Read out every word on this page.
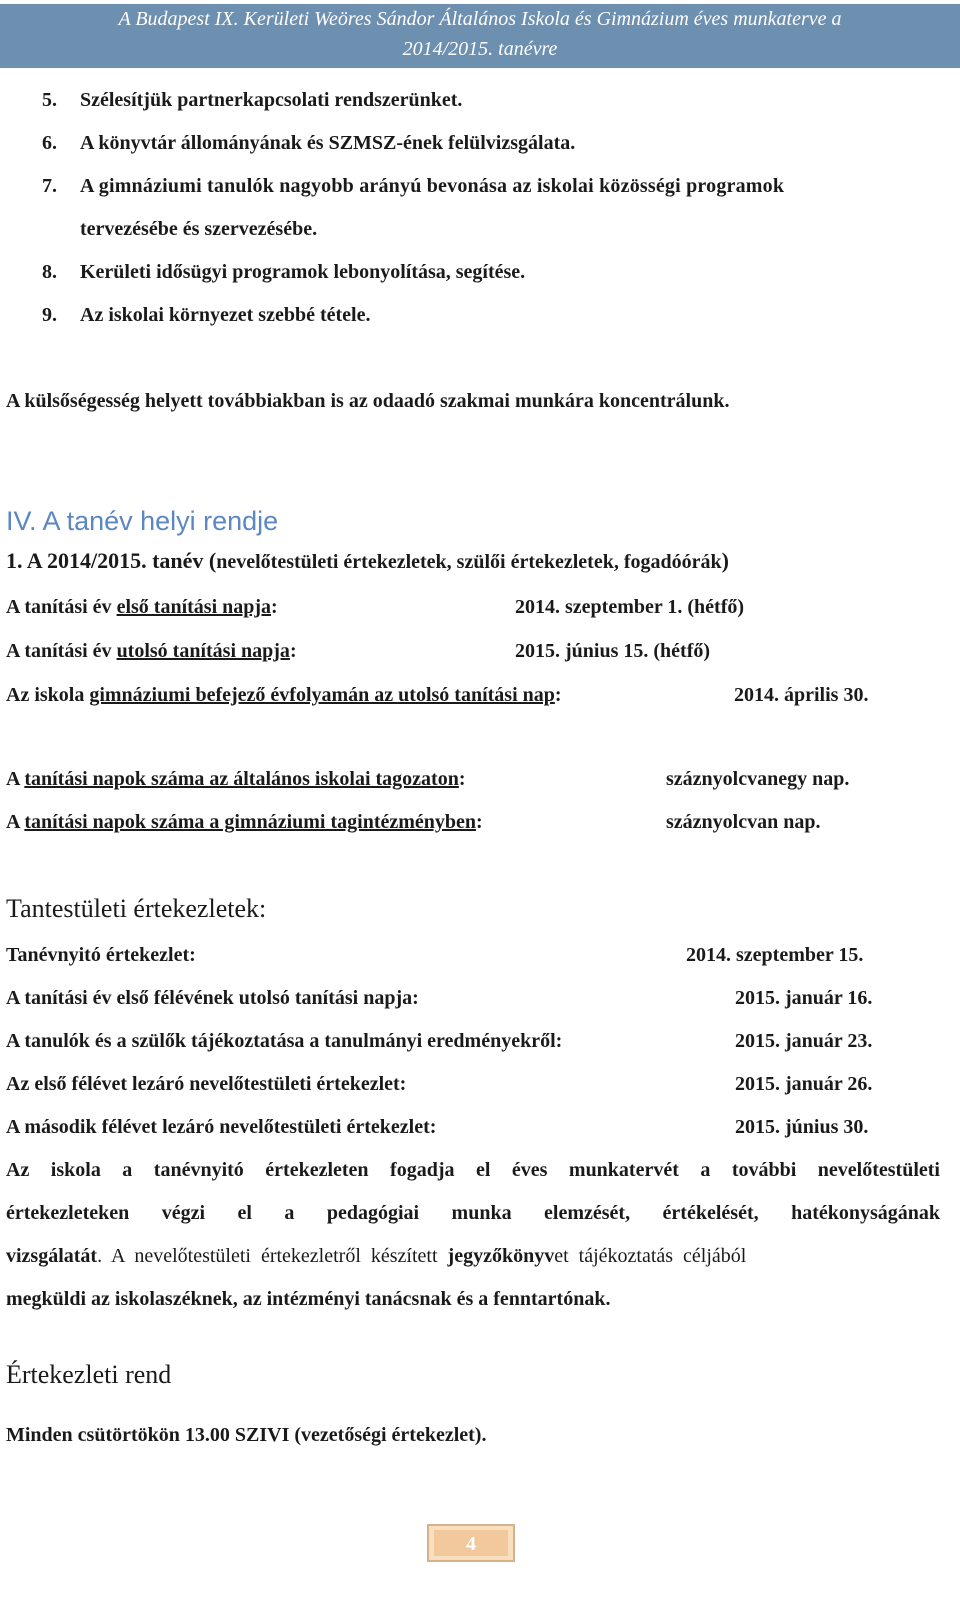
A Budapest IX. Kerületi Weöres Sándor Általános Iskola és Gimnázium éves munkaterve a
2014/2015. tanévre
5. Szélesítjük partnerkapcsolati rendszerünket.
6. A könyvtár állományának és SZMSZ-ének felülvizsgálata.
7. A gimnáziumi tanulók nagyobb arányú bevonása az iskolai közösségi programok
tervezésébe és szervezésébe.
8. Kerületi idősügyi programok lebonyolítása, segítése.
9. Az iskolai környezet szebbé tétele.
A külsőségesség helyett továbbiakban is az odaadó szakmai munkára koncentrálunk.
IV. A tanév helyi rendje
1. A 2014/2015. tanév (nevelőtestületi értekezletek, szülői értekezletek, fogadóórák)
A tanítási év első tanítási napja:	2014. szeptember 1. (hétfő)
A tanítási év utolsó tanítási napja:	2015. június 15. (hétfő)
Az iskola gimnáziumi befejező évfolyamán az utolsó tanítási nap:	2014. április 30.
A tanítási napok száma az általános iskolai tagozaton:	száznyolcvanegy nap.
A tanítási napok száma a gimnáziumi tagintézményben:	száznyolcvan nap.
Tantestületi értekezletek:
Tanévnyitó értekezlet:	2014. szeptember 15.
A tanítási év első félévének utolsó tanítási napja:	2015. január 16.
A tanulók és a szülők tájékoztatása a tanulmányi eredményekről:	2015. január 23.
Az első félévet lezáró nevelőtestületi értekezlet:	2015. január 26.
A második félévet lezáró nevelőtestületi értekezlet:	2015. június 30.
Az iskola a tanévnyitó értekezleten fogadja el éves munkatervét a további nevelőtestületi
értekezleteken végzi el a pedagógiai munka elemzését, értékelését, hatékonyságának
vizsgálatát. A nevelőtestületi értekezletről készített jegyzőkönyvet tájékoztatás céljából
megküldi az iskolaszéknek, az intézményi tanácsnak és a fenntartónak.
Értekezleti rend
Minden csütörtökön 13.00 SZIVI (vezetőségi értekezlet).
4
